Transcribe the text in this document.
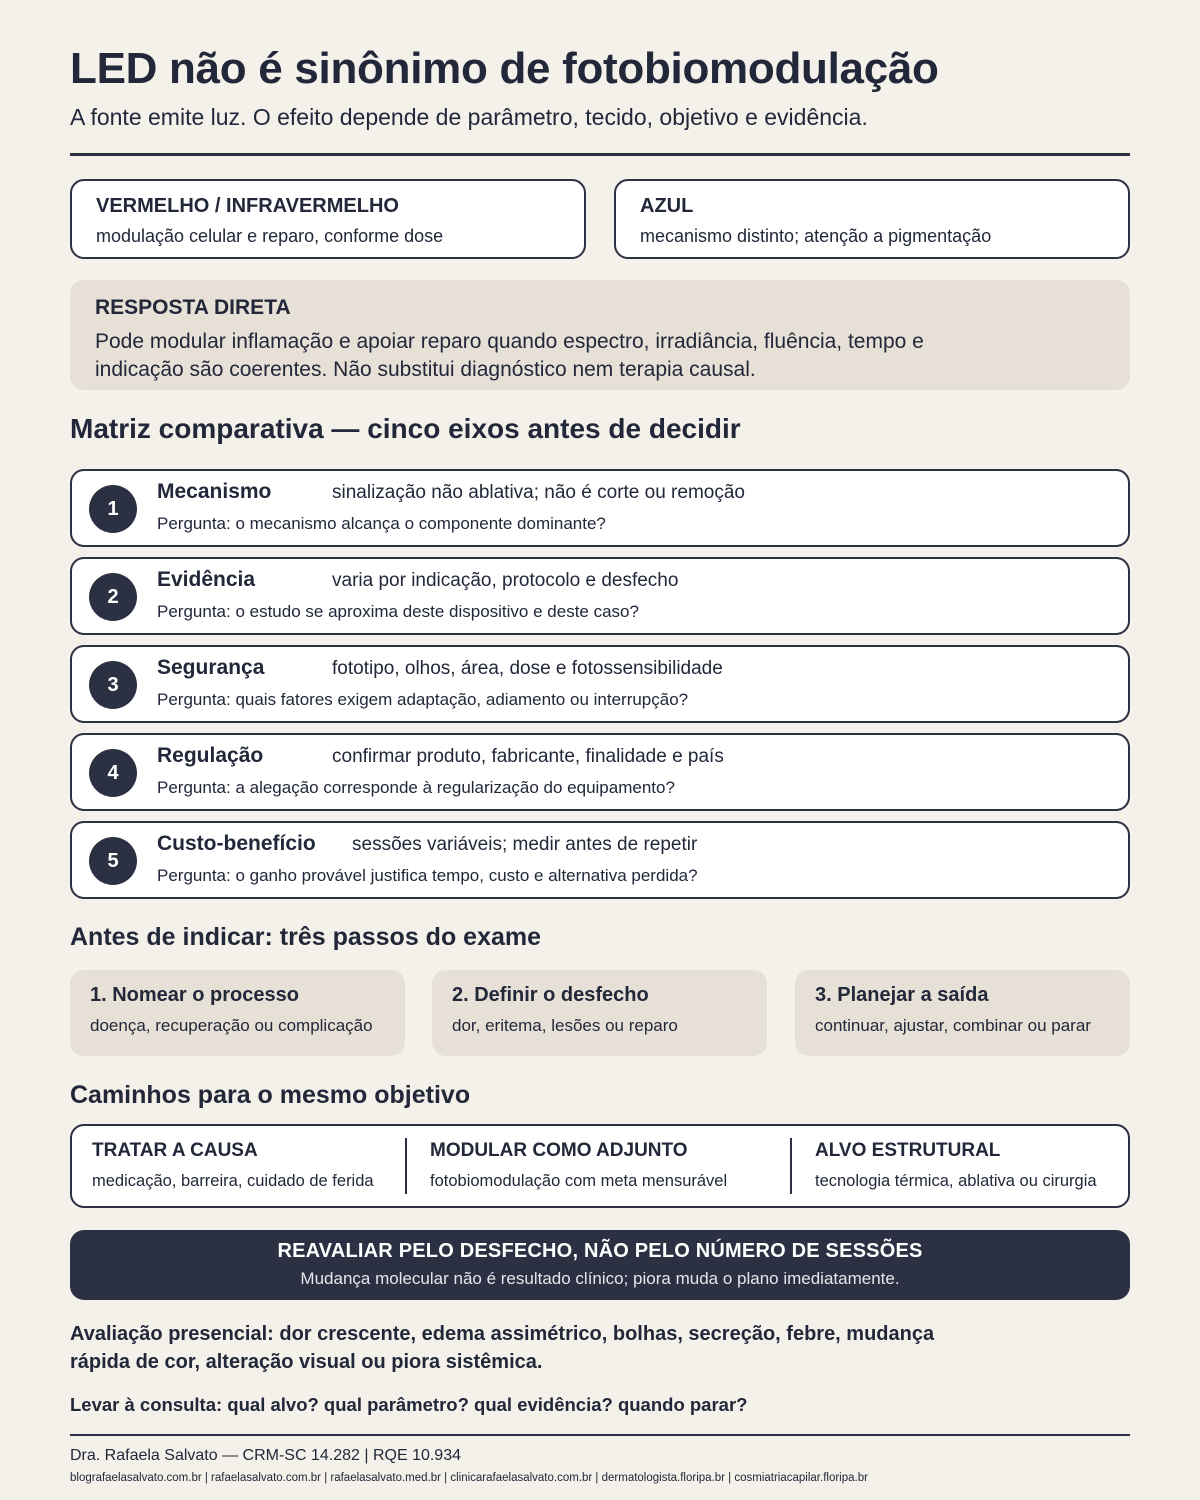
LED não é sinônimo de fotobiomodulação
A fonte emite luz. O efeito depende de parâmetro, tecido, objetivo e evidência.
VERMELHO / INFRAVERMELHO
modulação celular e reparo, conforme dose
AZUL
mecanismo distinto; atenção a pigmentação
RESPOSTA DIRETA
Pode modular inflamação e apoiar reparo quando espectro, irradiância, fluência, tempo e indicação são coerentes. Não substitui diagnóstico nem terapia causal.
Matriz comparativa — cinco eixos antes de decidir
1
Mecanismo	sinalização não ablativa; não é corte ou remoção
Pergunta: o mecanismo alcança o componente dominante?
2
Evidência	varia por indicação, protocolo e desfecho
Pergunta: o estudo se aproxima deste dispositivo e deste caso?
3
Segurança	fototipo, olhos, área, dose e fotossensibilidade
Pergunta: quais fatores exigem adaptação, adiamento ou interrupção?
4
Regulação	confirmar produto, fabricante, finalidade e país
Pergunta: a alegação corresponde à regularização do equipamento?
5
Custo-benefício sessões variáveis; medir antes de repetir
Pergunta: o ganho provável justifica tempo, custo e alternativa perdida?
Antes de indicar: três passos do exame
1. Nomear o processo
doença, recuperação ou complicação
2. Definir o desfecho
dor, eritema, lesões ou reparo
3. Planejar a saída
continuar, ajustar, combinar ou parar
Caminhos para o mesmo objetivo
TRATAR A CAUSA
medicação, barreira, cuidado de ferida
MODULAR COMO ADJUNTO
fotobiomodulação com meta mensurável
ALVO ESTRUTURAL
tecnologia térmica, ablativa ou cirurgia
REAVALIAR PELO DESFECHO, NÃO PELO NÚMERO DE SESSÕES
Mudança molecular não é resultado clínico; piora muda o plano imediatamente.
Avaliação presencial: dor crescente, edema assimétrico, bolhas, secreção, febre, mudança rápida de cor, alteração visual ou piora sistêmica.
Levar à consulta: qual alvo? qual parâmetro? qual evidência? quando parar?
Dra. Rafaela Salvato — CRM-SC 14.282 | RQE 10.934
blografaelasalvato.com.br | rafaelasalvato.com.br | rafaelasalvato.med.br | clinicarafaelasalvato.com.br | dermatologista.floripa.br | cosmiatriacapilar.floripa.br
